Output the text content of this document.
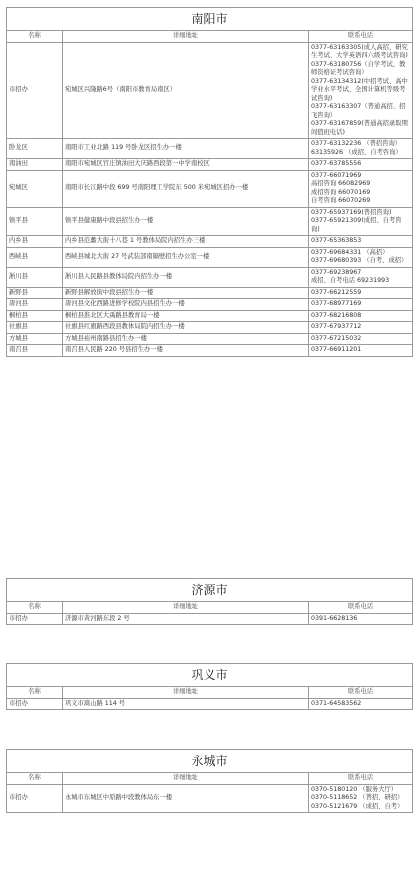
南阳市		
名称	详细地址	联系电话
市招办	宛城区兴隆路6号（南阳市教育局南区）	0377-63163305(成人高招、研究生考试、大学英语四六级考试咨询)
0377-63180756（自学考试、教师资格证考试咨询）
0377-63134312(中招考试、高中学业水平考试、全国计算机等级考试咨询)
0377-63163307（普通高招、招飞咨询）
0377-63167859(普通高招录取期间值班电话)

卧龙区	南阳市工业北路 119 号卧龙区招生办一楼	0377-63132236 （普招咨询）
63135926 （成招、自考咨询）

南油田	南阳市宛城区官庄镇油田大庆路西段第一中学南校区	0377-63785556

宛城区	南阳市长江路中段 699 号南阳理工学院东 500 米宛城区招办一楼	0377-66071969
高招咨询 66082969
成招咨询 66070169
自考咨询 66070269

镇平县	镇平县健康路中段县招生办一楼	0377-65937169(普招咨询)
0377-65921309(成招、自考咨询)

内乡县	内乡县范蠡大街十八巷 1 号教体局院内招生办三楼	0377-65363853

西峡县	西峡县城北大街 27 号武装部南隔壁招生办公室一楼	0377-69684331 （高招）
0377-69680393 （自考、成招）

淅川县	淅川县人民路县教体局院内招生办一楼	0377-69238967
成招、自考电话 69231993

新野县	新野县解放街中段县招生办一楼	0377-66212559

唐河县	唐河县文化西路进修学校院内县招生办一楼	0377-68977169

桐柏县	桐柏县淮北区大禹路县教育局一楼	0377-68216808

社旗县	社旗县红旗路西段县教体局院内招生办一楼	0377-67937712

方城县	方城县裕州南路县招生办一楼	0377-67215032

南召县	南召县人民路 220 号县招生办一楼	0377-66911201
济源市		
名称	详细地址	联系电话
市招办	济源市黄河路东段 2 号	0391-6628136
巩义市		
名称	详细地址	联系电话
市招办	巩义市嵩山路 114 号	0371-64583562
永城市		
名称	详细地址	联系电话
市招办	永城市东城区中原路中段教体局东一楼	0370-5180120 （服务大厅）
0370-5118652 （普招、研招）
0370-5121679 （成招、自考）
